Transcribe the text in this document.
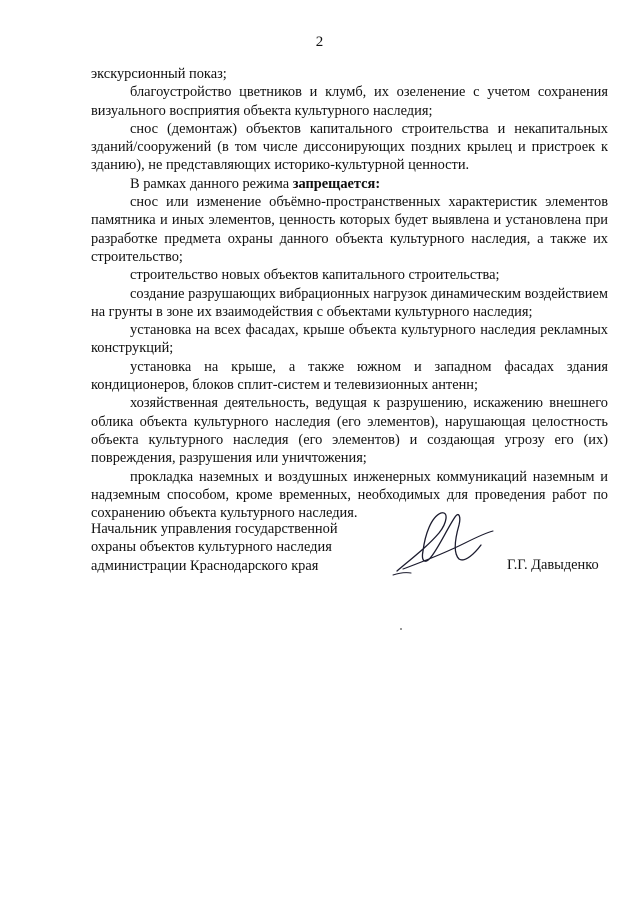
2

экскурсионный показ;

благоустройство цветников и клумб, их озеленение с учетом сохранения визуального восприятия объекта культурного наследия;

снос (демонтаж) объектов капитального строительства и некапитальных зданий/сооружений (в том числе диссонирующих поздних крылец и пристроек к зданию), не представляющих историко-культурной ценности.

В рамках данного режима запрещается:

снос или изменение объёмно-пространственных характеристик элементов памятника и иных элементов, ценность которых будет выявлена и установлена при разработке предмета охраны данного объекта культурного наследия, а также их строительство;

строительство новых объектов капитального строительства;

создание разрушающих вибрационных нагрузок динамическим воздействием на грунты в зоне их взаимодействия с объектами культурного наследия;

установка на всех фасадах, крыше объекта культурного наследия рекламных конструкций;

установка на крыше, а также южном и западном фасадах здания кондиционеров, блоков сплит-систем и телевизионных антенн;

хозяйственная деятельность, ведущая к разрушению, искажению внешнего облика объекта культурного наследия (его элементов), нарушающая целостность объекта культурного наследия (его элементов) и создающая угрозу его (их) повреждения, разрушения или уничтожения;

прокладка наземных и воздушных инженерных коммуникаций наземным и надземным способом, кроме временных, необходимых для проведения работ по сохранению объекта культурного наследия.

Начальник управления государственной
охраны объектов культурного наследия
администрации Краснодарского края	Г.Г. Давыденко
